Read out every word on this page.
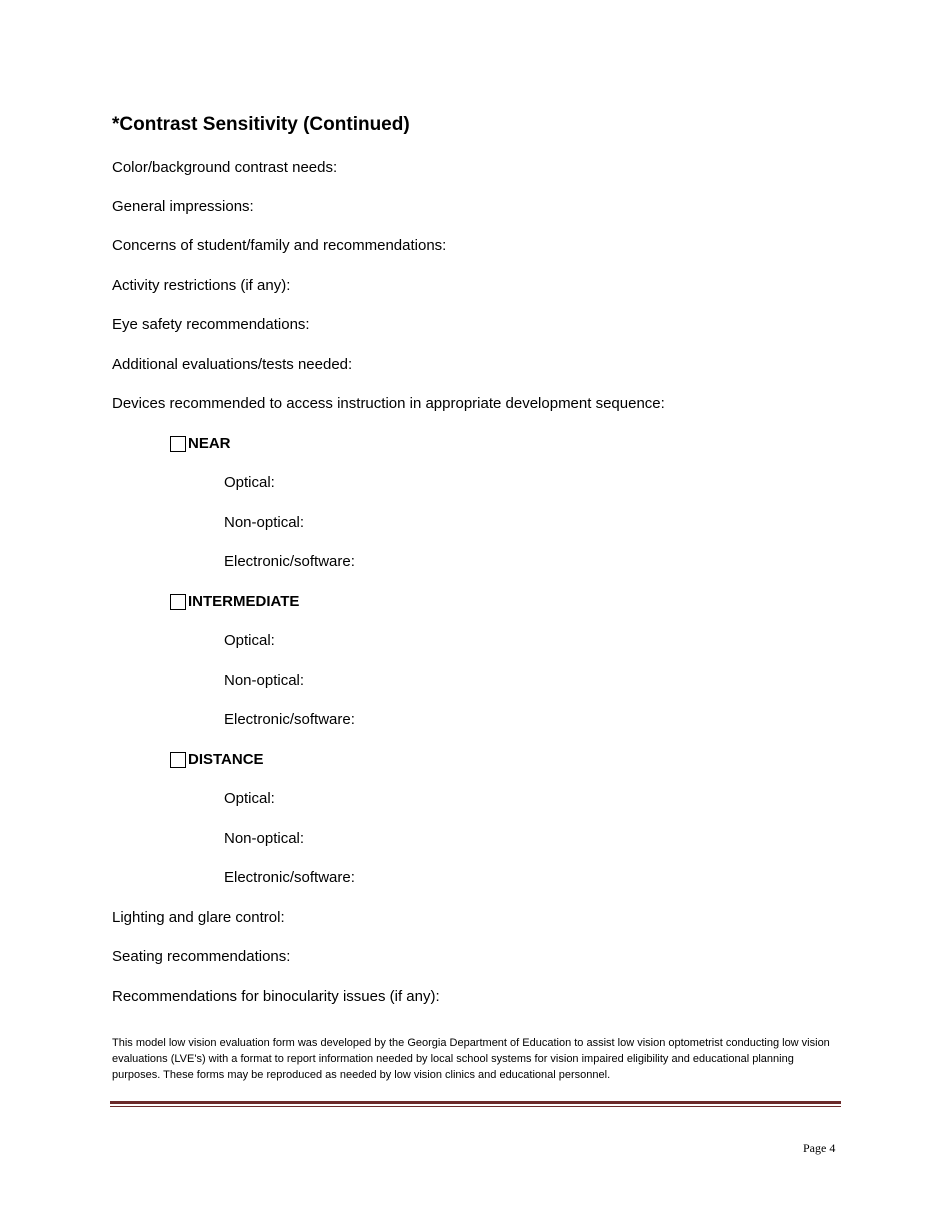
*Contrast Sensitivity (Continued)
Color/background contrast needs:
General impressions:
Concerns of student/family and recommendations:
Activity restrictions (if any):
Eye safety recommendations:
Additional evaluations/tests needed:
Devices recommended to access instruction in appropriate development sequence:
NEAR
Optical:
Non-optical:
Electronic/software:
INTERMEDIATE
Optical:
Non-optical:
Electronic/software:
DISTANCE
Optical:
Non-optical:
Electronic/software:
Lighting and glare control:
Seating recommendations:
Recommendations for binocularity issues (if any):
This model low vision evaluation form was developed by the Georgia Department of Education to assist low vision optometrist conducting low vision evaluations (LVE's) with a format to report information needed by local school systems for vision impaired eligibility and educational planning purposes. These forms may be reproduced as needed by low vision clinics and educational personnel.
Page 4
